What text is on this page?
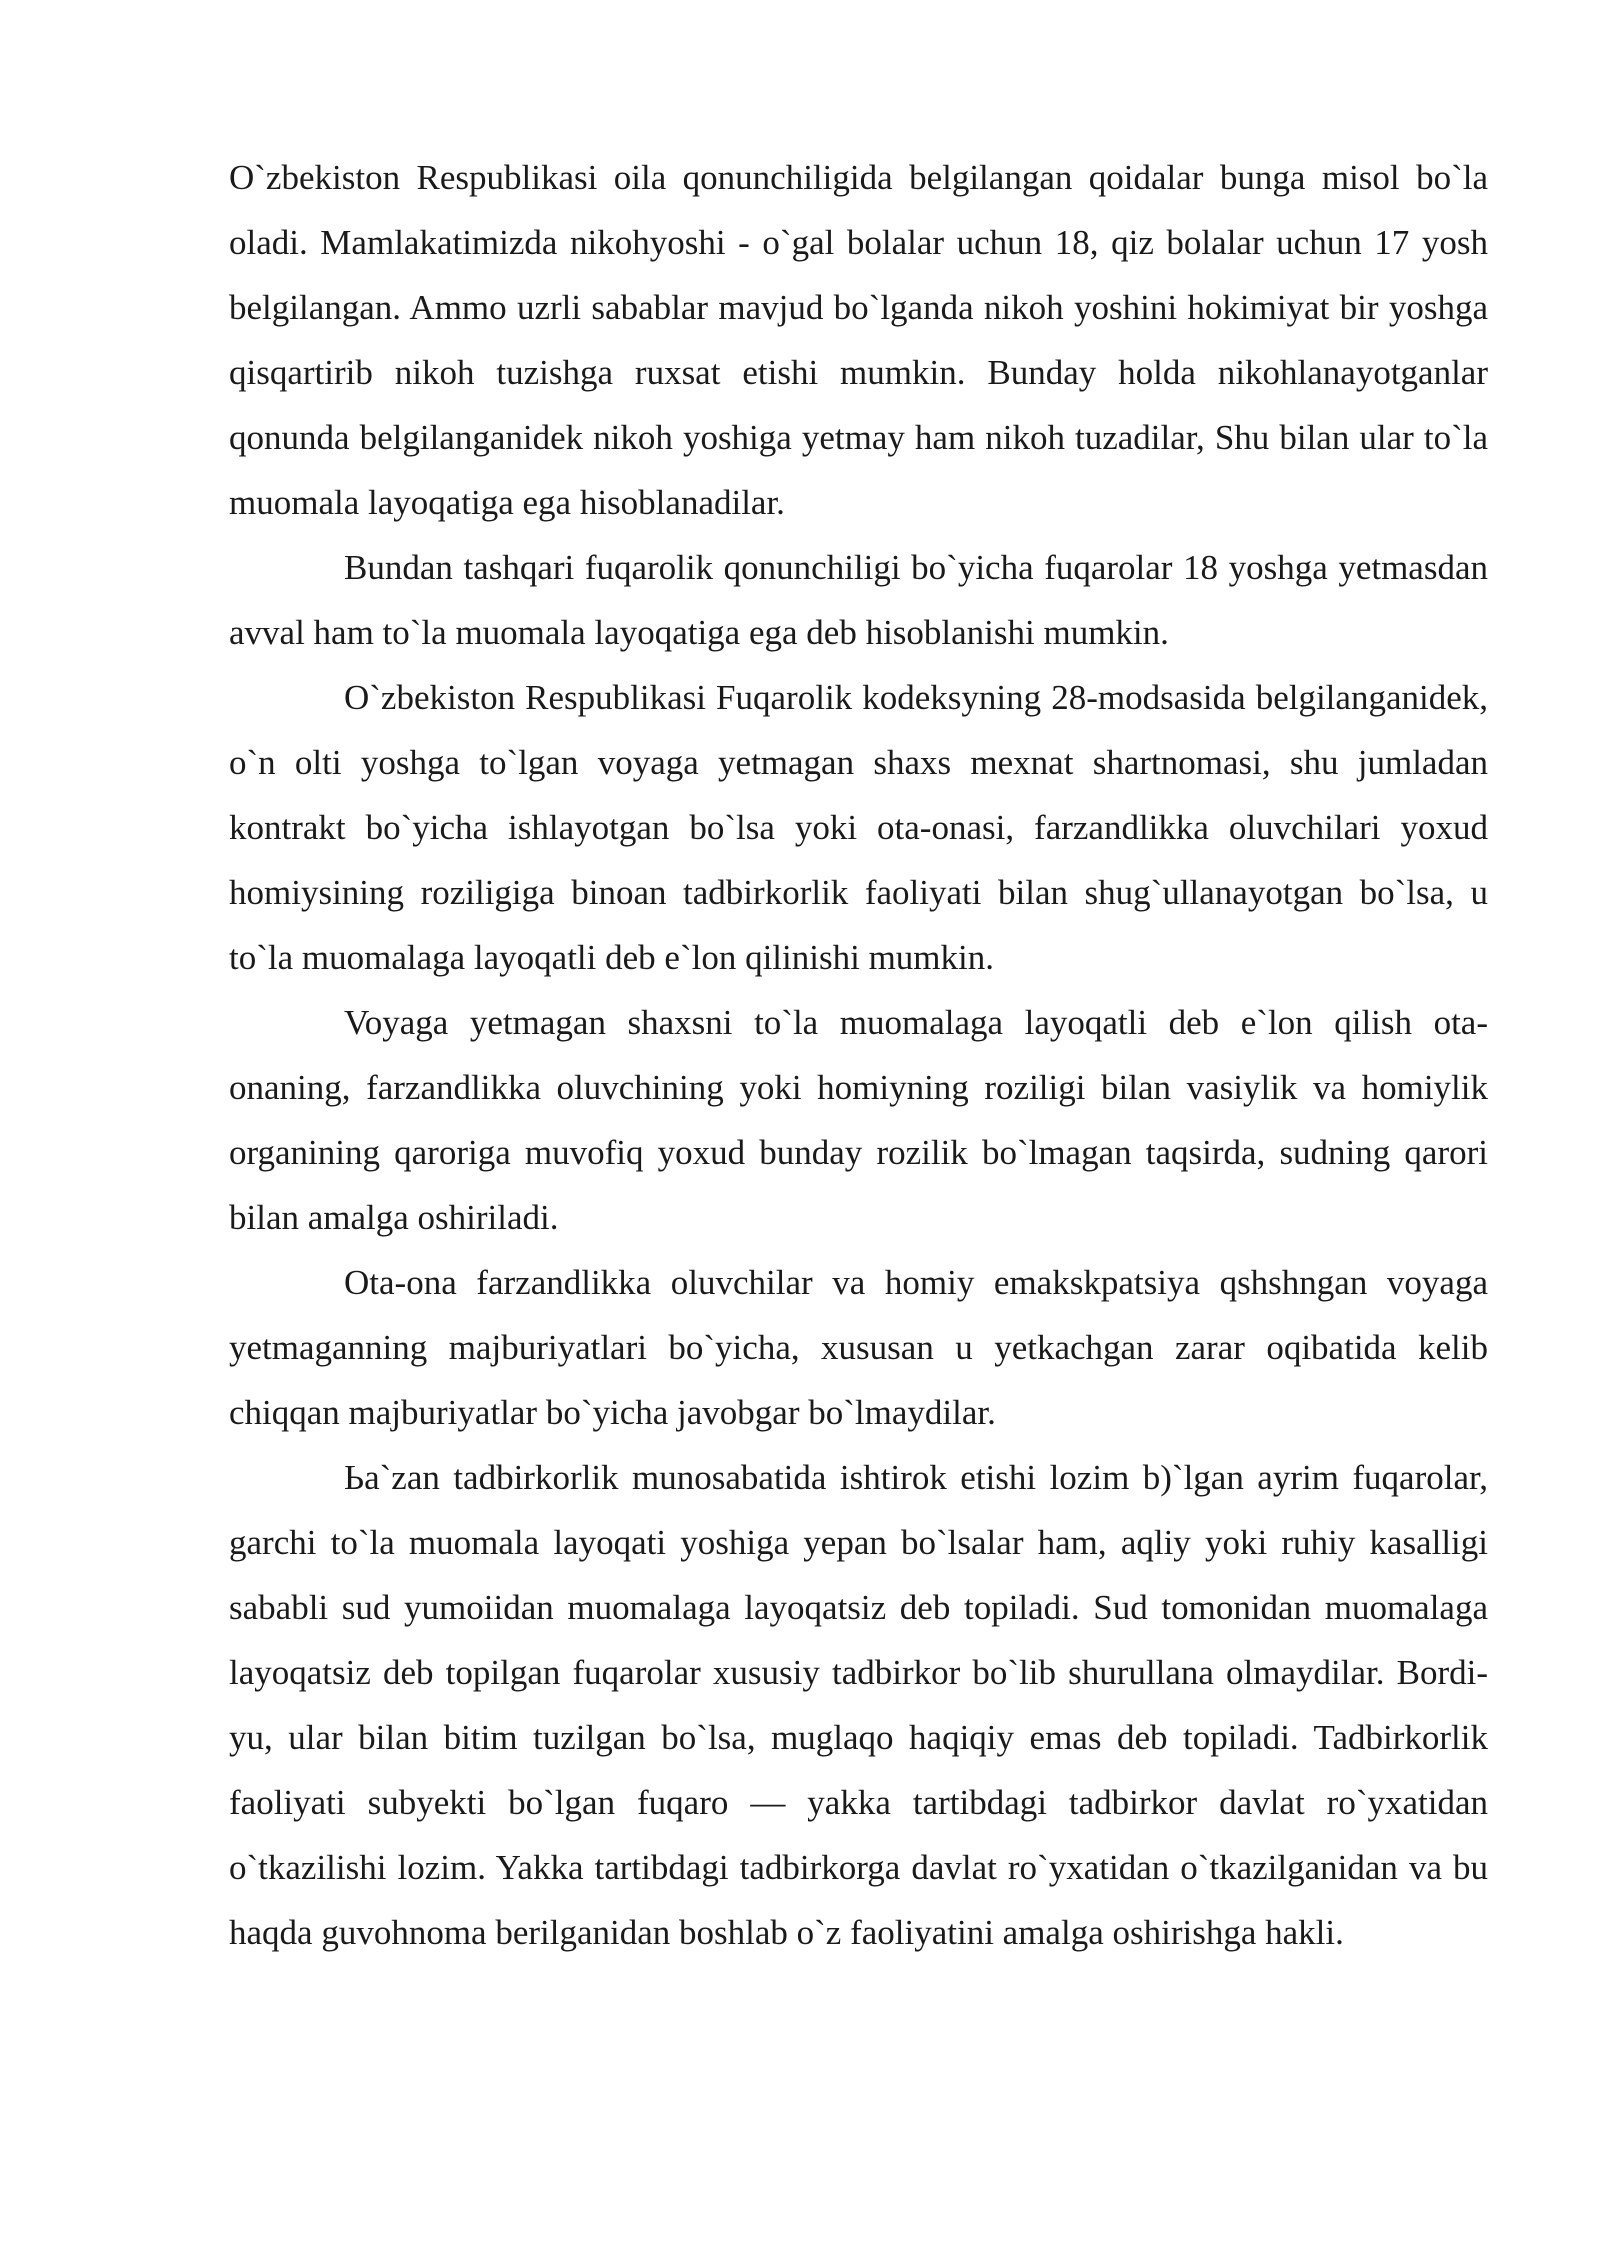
O`zbekiston Respublikasi oila qonunchiligida belgilangan qoidalar bunga misol bo`la oladi. Mamlakatimizda nikohyoshi - o`gal bolalar uchun 18, qiz bolalar uchun 17 yosh belgilangan. Ammo uzrli sabablar mavjud bo`lganda nikoh yoshini hokimiyat bir yoshga qisqartirib nikoh tuzishga ruxsat etishi mumkin. Bunday holda nikohlanayotganlar qonunda belgilanganidek nikoh yoshiga yetmay ham nikoh tuzadilar, Shu bilan ular to`la muomala layoqatiga ega hisoblanadilar.

Bundan tashqari fuqarolik qonunchiligi bo`yicha fuqarolar 18 yoshga yetmasdan avval ham to`la muomala layoqatiga ega deb hisoblanishi mumkin.

O`zbekiston Respublikasi Fuqarolik kodeksyning 28-modsasida belgilanganidek, o`n olti yoshga to`lgan voyaga yetmagan shaxs mexnat shartnomasi, shu jumladan kontrakt bo`yicha ishlayotgan bo`lsa yoki ota-onasi, farzandlikka oluvchilari yoxud homiysining roziligiga binoan tadbirkorlik faoliyati bilan shug`ullanayotgan bo`lsa, u to`la muomalaga layoqatli deb e`lon qilinishi mumkin.

Voyaga yetmagan shaxsni to`la muomalaga layoqatli deb e`lon qilish ota-onaning, farzandlikka oluvchining yoki homiyning roziligi bilan vasiylik va homiylik organining qaroriga muvofiq yoxud bunday rozilik bo`lmagan taqsirda, sudning qarori bilan amalga oshiriladi.

Ota-ona farzandlikka oluvchilar va homiy emakskpatsiya qshshngan voyaga yetmaganning majburiyatlari bo`yicha, xususan u yetkachgan zarar oqibatida kelib chiqqan majburiyatlar bo`yicha javobgar bo`lmaydilar.

Ьa`zan tadbirkorlik munosabatida ishtirok etishi lozim b)`lgan ayrim fuqarolar, garchi to`la muomala layoqati yoshiga yepan bo`lsalar ham, aqliy yoki ruhiy kasalligi sababli sud yumoiidan muomalaga layoqatsiz deb topiladi. Sud tomonidan muomalaga layoqatsiz deb topilgan fuqarolar xususiy tadbirkor bo`lib shurullana olmaydilar. Bordi-yu, ular bilan bitim tuzilgan bo`lsa, muglaqo haqiqiy emas deb topiladi. Tadbirkorlik faoliyati subyekti bo`lgan fuqaro — yakka tartibdagi tadbirkor davlat ro`yxatidan o`tkazilishi lozim. Yakka tartibdagi tadbirkorga davlat ro`yxatidan o`tkazilganidan va bu haqda guvohnoma berilganidan boshlab o`z faoliyatini amalga oshirishga hakli.
